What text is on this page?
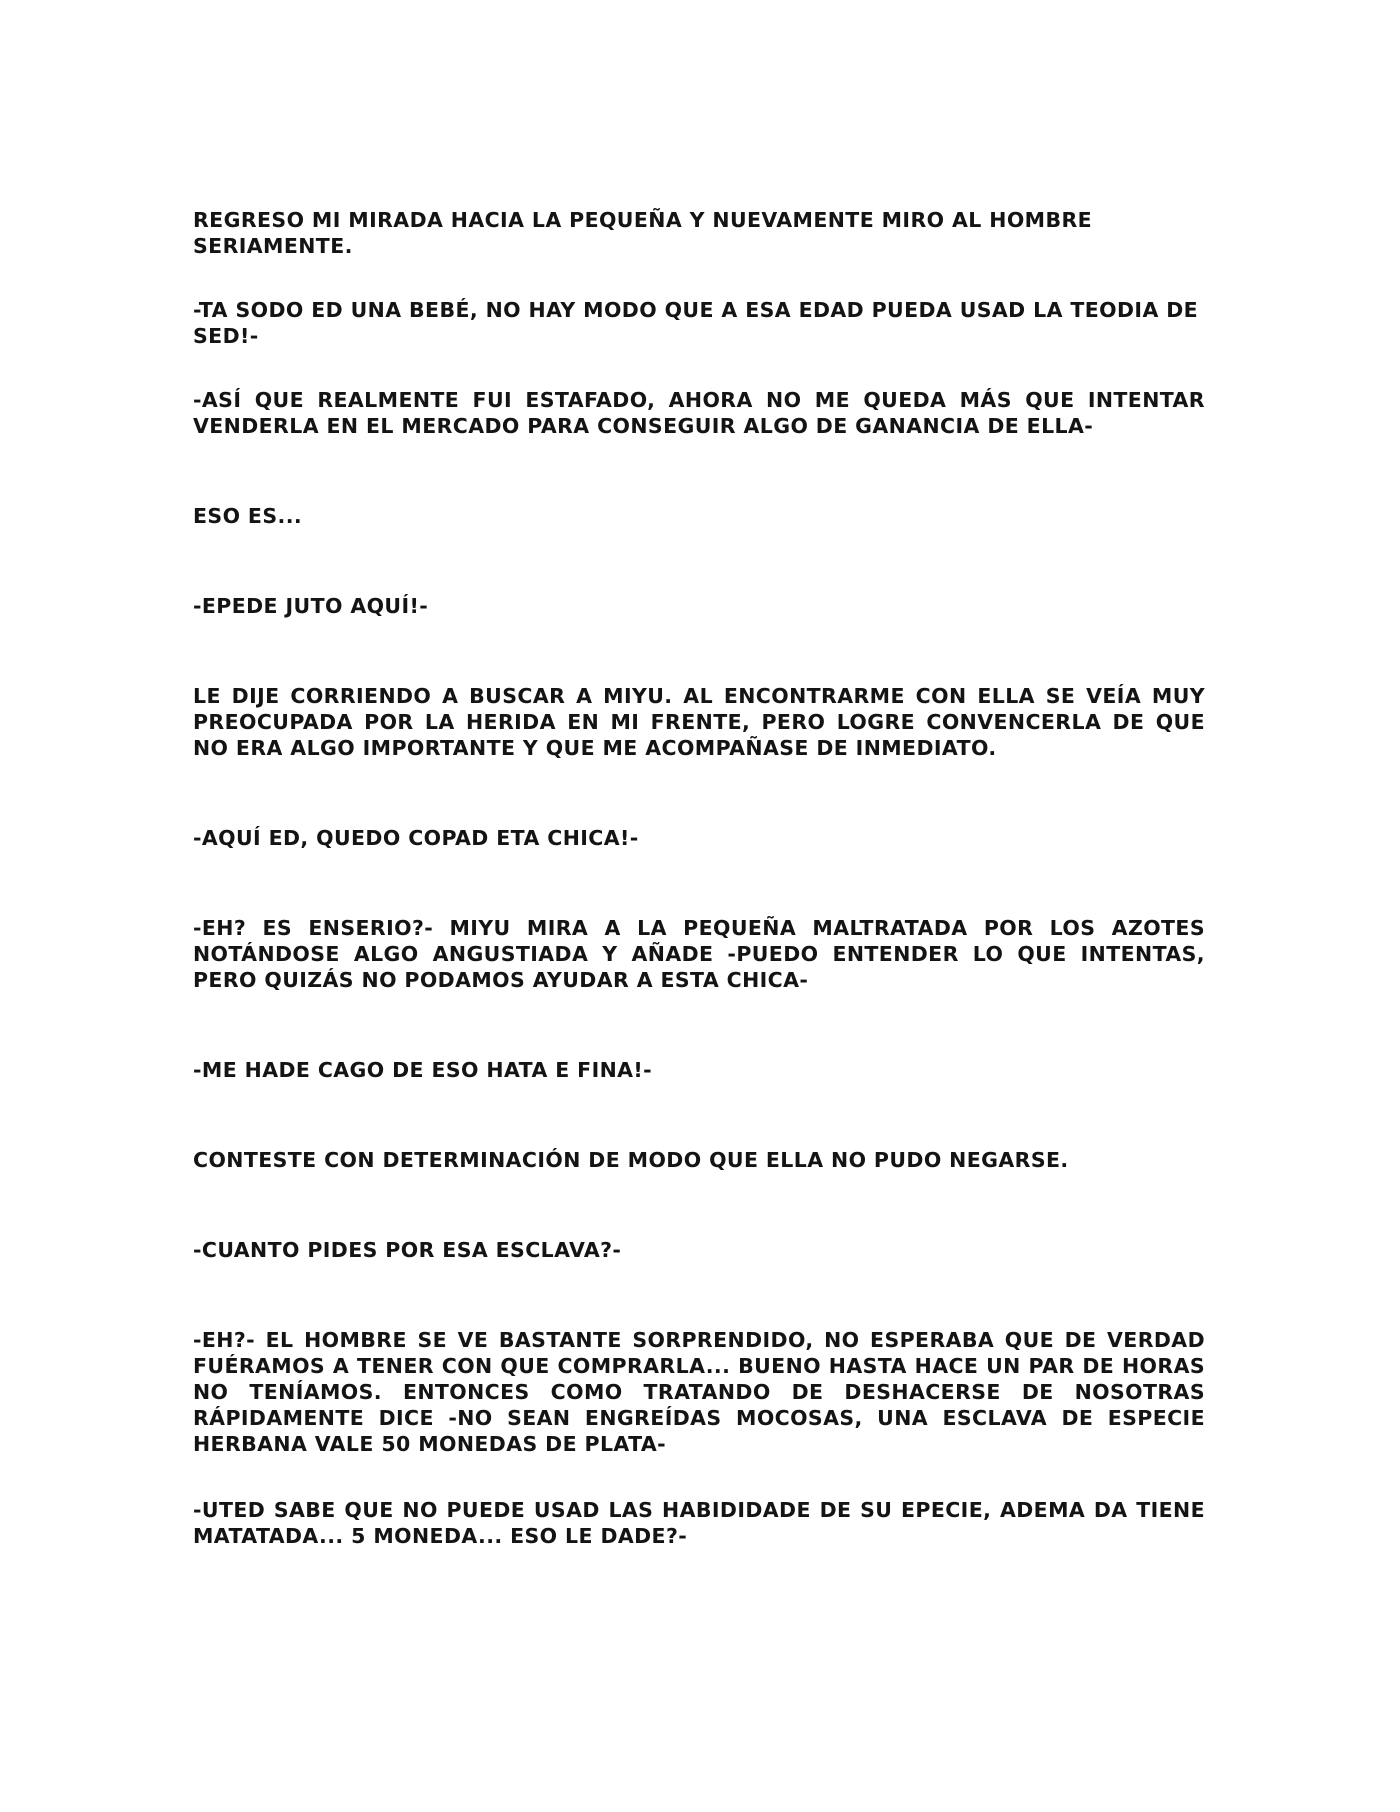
REGRESO MI MIRADA HACIA LA PEQUEÑA Y NUEVAMENTE MIRO AL HOMBRE SERIAMENTE.

-TA SODO ED UNA BEBÉ, NO HAY MODO QUE A ESA EDAD PUEDA USAD LA TEODIA DE SED!-

-ASÍ QUE REALMENTE FUI ESTAFADO, AHORA NO ME QUEDA MÁS QUE INTENTAR VENDERLA EN EL MERCADO PARA CONSEGUIR ALGO DE GANANCIA DE ELLA-

ESO ES...

-EPEDE JUTO AQUÍ!-

LE DIJE CORRIENDO A BUSCAR A MIYU. AL ENCONTRARME CON ELLA SE VEÍA MUY PREOCUPADA POR LA HERIDA EN MI FRENTE, PERO LOGRE CONVENCERLA DE QUE NO ERA ALGO IMPORTANTE Y QUE ME ACOMPAÑASE DE INMEDIATO.

-AQUÍ ED, QUEDO COPAD ETA CHICA!-

-EH? ES ENSERIO?- MIYU MIRA A LA PEQUEÑA MALTRATADA POR LOS AZOTES NOTÁNDOSE ALGO ANGUSTIADA Y AÑADE -PUEDO ENTENDER LO QUE INTENTAS, PERO QUIZÁS NO PODAMOS AYUDAR A ESTA CHICA-

-ME HADE CAGO DE ESO HATA E FINA!-

CONTESTE CON DETERMINACIÓN DE MODO QUE ELLA NO PUDO NEGARSE.

-CUANTO PIDES POR ESA ESCLAVA?-

-EH?- EL HOMBRE SE VE BASTANTE SORPRENDIDO, NO ESPERABA QUE DE VERDAD FUÉRAMOS A TENER CON QUE COMPRARLA... BUENO HASTA HACE UN PAR DE HORAS NO TENÍAMOS. ENTONCES COMO TRATANDO DE DESHACERSE DE NOSOTRAS RÁPIDAMENTE DICE -NO SEAN ENGREÍDAS MOCOSAS, UNA ESCLAVA DE ESPECIE HERBANA VALE 50 MONEDAS DE PLATA-

-UTED SABE QUE NO PUEDE USAD LAS HABIDIDADE DE SU EPECIE, ADEMA DA TIENE MATATADA... 5 MONEDA... ESO LE DADE?-
